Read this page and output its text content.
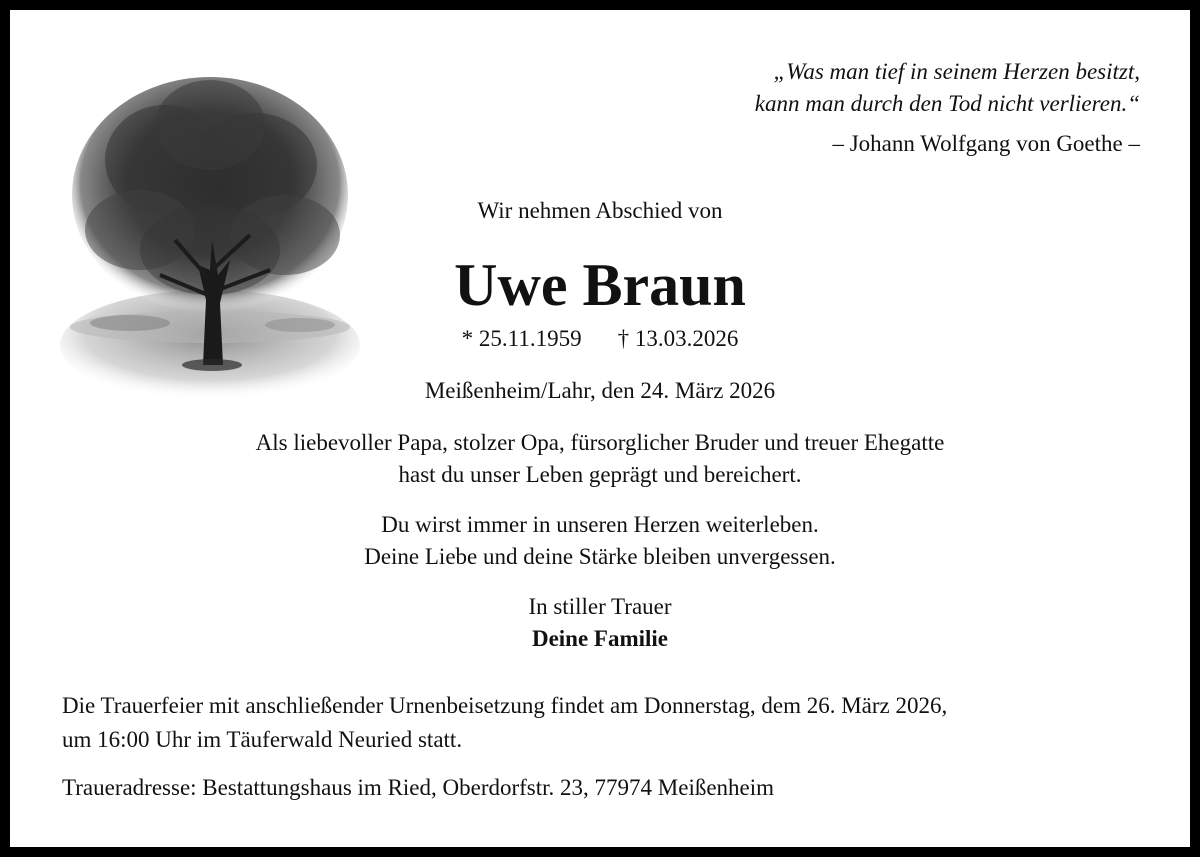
„Was man tief in seinem Herzen besitzt,
kann man durch den Tod nicht verlieren.“
– Johann Wolfgang von Goethe –
Wir nehmen Abschied von
Uwe Braun
* 25.11.1959 † 13.03.2026
Meißenheim/Lahr, den 24. März 2026
Als liebevoller Papa, stolzer Opa, fürsorglicher Bruder und treuer Ehegatte
hast du unser Leben geprägt und bereichert.
Du wirst immer in unseren Herzen weiterleben.
Deine Liebe und deine Stärke bleiben unvergessen.
In stiller Trauer
Deine Familie
Die Trauerfeier mit anschließender Urnenbeisetzung findet am Donnerstag, dem 26. März 2026,
um 16:00 Uhr im Täuferwald Neuried statt.
Traueradresse: Bestattungshaus im Ried, Oberdorfstr. 23, 77974 Meißenheim
